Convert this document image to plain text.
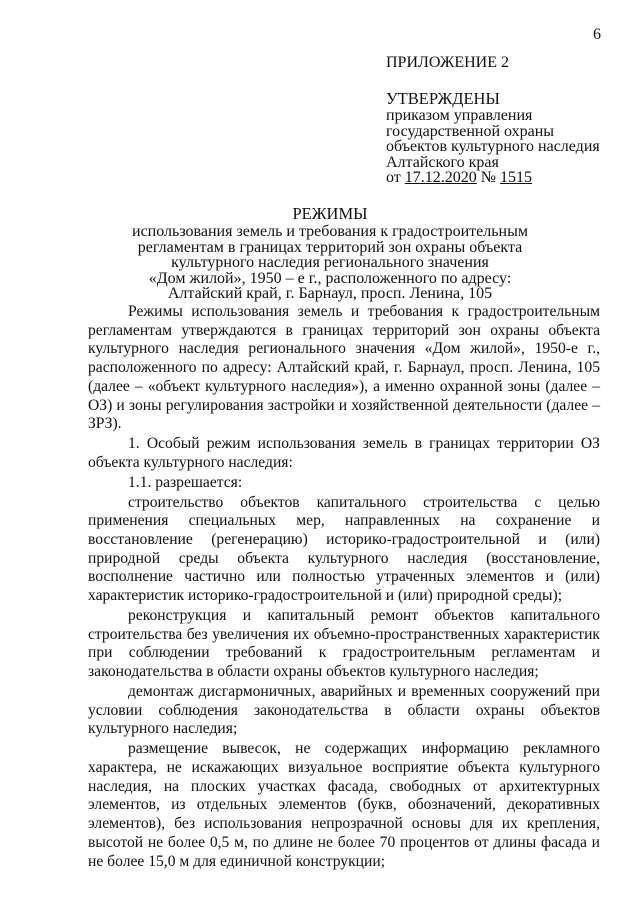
6
ПРИЛОЖЕНИЕ 2
УТВЕРЖДЕНЫ
приказом управления
государственной охраны
объектов культурного наследия
Алтайского края
от 17.12.2020 № 1515
РЕЖИМЫ
использования земель и требования к градостроительным
регламентам в границах территорий зон охраны объекта
культурного наследия регионального значения
«Дом жилой», 1950 – е г., расположенного по адресу:
Алтайский край, г. Барнаул, просп. Ленина, 105

Режимы использования земель и требования к градостроительным регламентам утверждаются в границах территорий зон охраны объекта культурного наследия регионального значения «Дом жилой», 1950-е г., расположенного по адресу: Алтайский край, г. Барнаул, просп. Ленина, 105 (далее – «объект культурного наследия»), а именно охранной зоны (далее – ОЗ) и зоны регулирования застройки и хозяйственной деятельности (далее – ЗРЗ).

1. Особый режим использования земель в границах территории ОЗ объекта культурного наследия:

1.1. разрешается:

строительство объектов капитального строительства с целью применения специальных мер, направленных на сохранение и восстановление (регенерацию) историко-градостроительной и (или) природной среды объекта культурного наследия (восстановление, восполнение частично или полностью утраченных элементов и (или) характеристик историко-градостроительной и (или) природной среды);

реконструкция и капитальный ремонт объектов капитального строительства без увеличения их объемно-пространственных характеристик при соблюдении требований к градостроительным регламентам и законодательства в области охраны объектов культурного наследия;

демонтаж дисгармоничных, аварийных и временных сооружений при условии соблюдения законодательства в области охраны объектов культурного наследия;

размещение вывесок, не содержащих информацию рекламного характера, не искажающих визуальное восприятие объекта культурного наследия, на плоских участках фасада, свободных от архитектурных элементов, из отдельных элементов (букв, обозначений, декоративных элементов), без использования непрозрачной основы для их крепления, высотой не более 0,5 м, по длине не более 70 процентов от длины фасада и не более 15,0 м для единичной конструкции;
